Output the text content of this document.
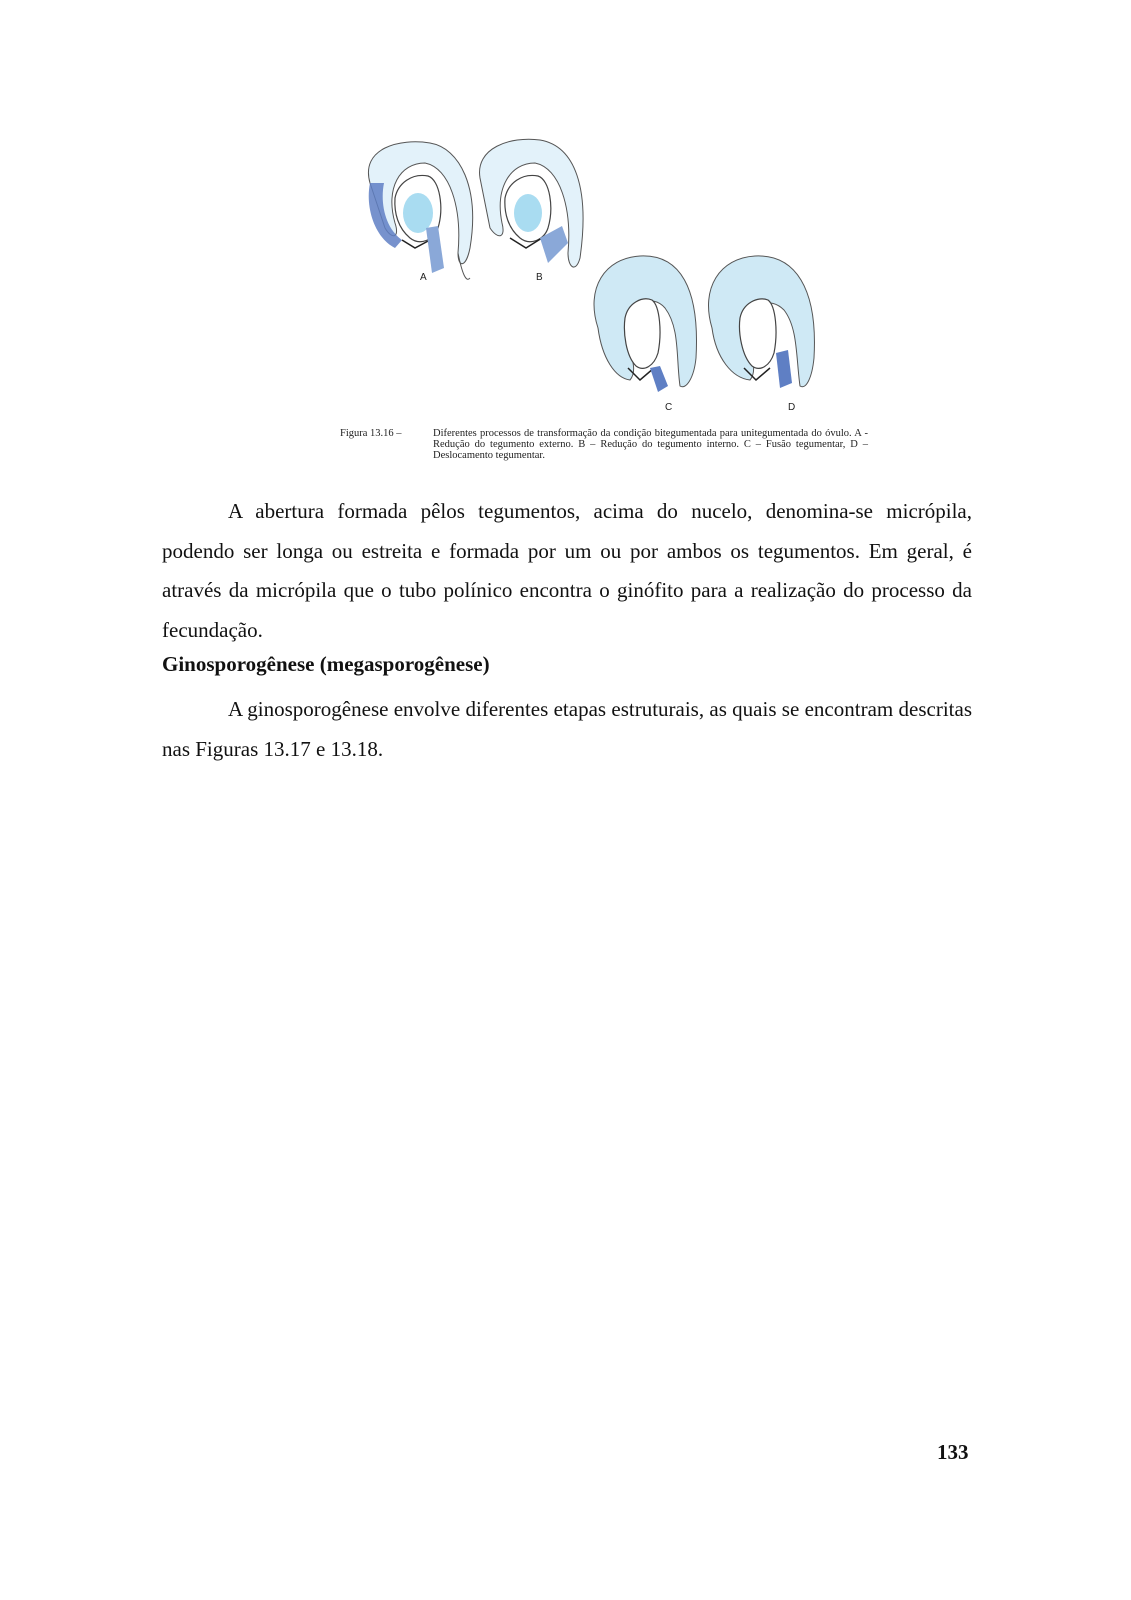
A	B
C	D
Figura 13.16 –	Diferentes processos de transformação da condição bitegumentada para unitegumentada do óvulo. A - Redução do tegumento externo. B – Redução do tegumento interno. C – Fusão tegumentar, D – Deslocamento tegumentar.

A abertura formada pêlos tegumentos, acima do nucelo, denomina-se micrópila, podendo ser longa ou estreita e formada por um ou por ambos os tegumentos. Em geral, é através da micrópila que o tubo polínico encontra o ginófito para a realização do processo da fecundação.

Ginosporogênese (megasporogênese)

A ginosporogênese envolve diferentes etapas estruturais, as quais se encontram descritas nas Figuras 13.17 e 13.18.

133
